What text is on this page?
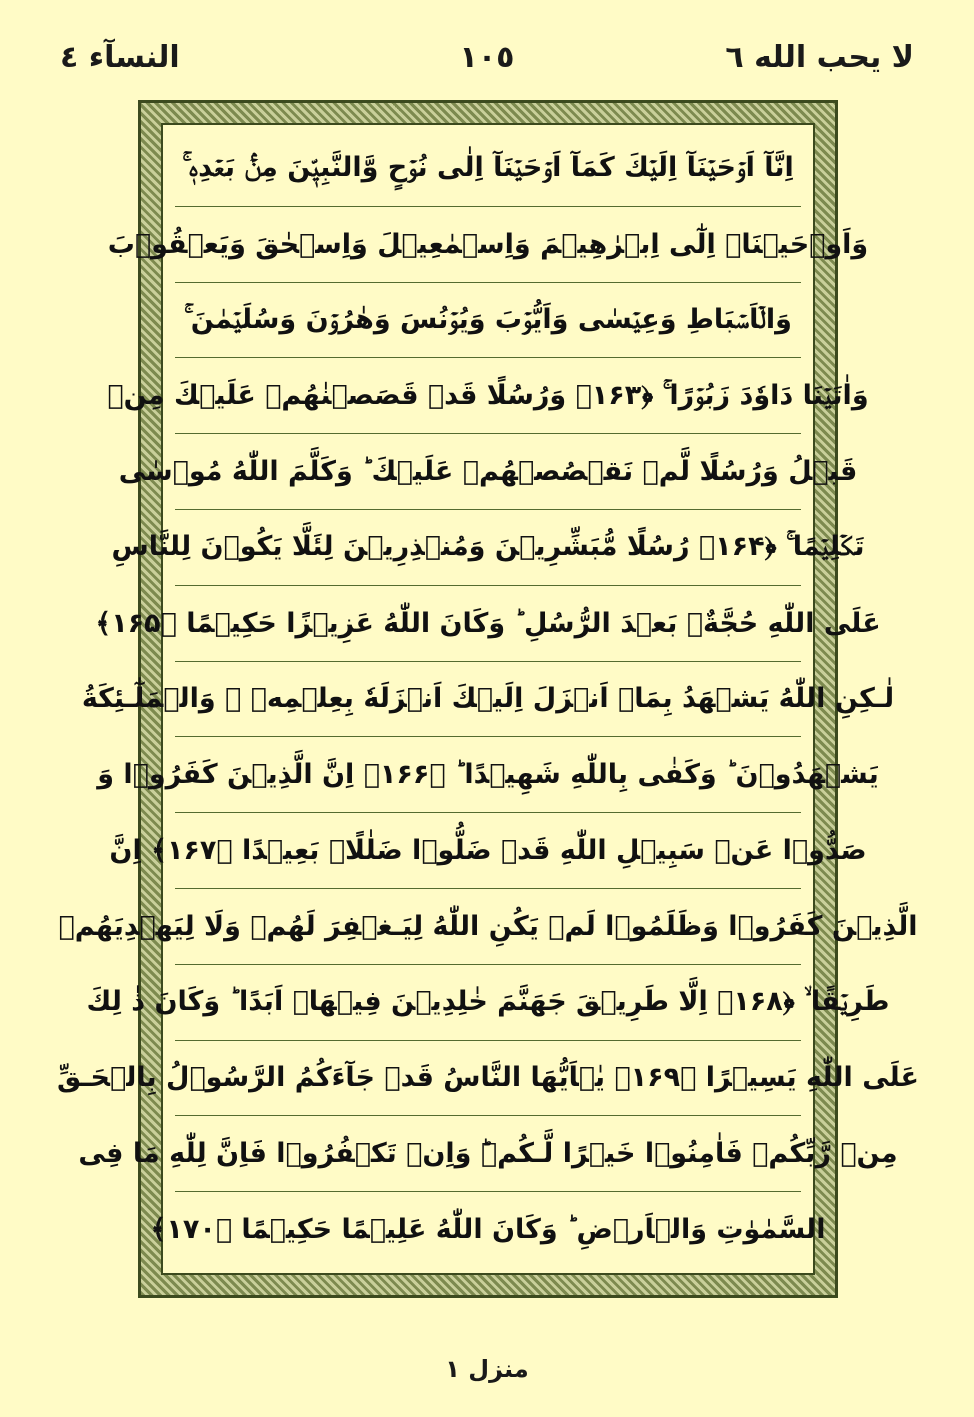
لا يحب الله ٦
١٠٥
النسآء ٤
اِنَّآ اَوۡحَيۡنَآ اِلَيۡكَ كَمَآ اَوۡحَيۡنَآ اِلٰى نُوۡحٍ وَّالنَّبِيّٖنَ مِنۡۢ بَعۡدِهٖ‌ ۚ
وَاَوۡحَيۡنَاۤ اِلٰٓى اِبۡرٰهِيۡمَ وَاِسۡمٰعِيۡلَ وَاِسۡحٰقَ وَيَعۡقُوۡبَ
وَالۡاَسۡبَاطِ وَعِيۡسٰى وَاَيُّوۡبَ وَيُوۡنُسَ وَهٰرُوۡنَ وَسُلَيۡمٰنَ‌ ۚ
وَاٰتَيۡنَا دَاوٗدَ زَبُوۡرًا‌ ۚ ﴿۱۶۳﴾ وَرُسُلًا قَدۡ قَصَصۡنٰهُمۡ عَلَيۡكَ مِنۡ
قَبۡلُ وَرُسُلًا لَّمۡ نَقۡصُصۡهُمۡ عَلَيۡكَ‌ ؕ وَكَلَّمَ اللّٰهُ مُوۡسٰى
تَكۡلِيۡمًا‌ ۚ ﴿۱۶۴﴾ رُسُلًا مُّبَشِّرِيۡنَ وَمُنۡذِرِيۡنَ لِئَلَّا يَكُوۡنَ لِلنَّاسِ
عَلَى اللّٰهِ حُجَّةٌۢ بَعۡدَ الرُّسُلِ‌ ؕ وَكَانَ اللّٰهُ عَزِيۡزًا حَكِيۡمًا ﴿۱۶۵﴾
لٰـكِنِ اللّٰهُ يَشۡهَدُ بِمَاۤ اَنۡزَلَ اِلَيۡكَ اَنۡزَلَهٗ بِعِلۡمِهٖ‌ ۚ وَالۡمَلٰٓـئِكَةُ
يَشۡهَدُوۡنَ‌ ؕ وَكَفٰى بِاللّٰهِ شَهِيۡدًا ؕ ﴿۱۶۶﴾ اِنَّ الَّذِيۡنَ كَفَرُوۡا وَ
صَدُّوۡا عَنۡ سَبِيۡلِ اللّٰهِ قَدۡ ضَلُّوۡا ضَلٰلًاۢ بَعِيۡدًا ﴿۱۶۷﴾ اِنَّ
الَّذِيۡنَ كَفَرُوۡا وَظَلَمُوۡا لَمۡ يَكُنِ اللّٰهُ لِيَـغۡفِرَ لَهُمۡ وَلَا لِيَهۡدِيَهُمۡ
طَرِيۡقًا ۙ ﴿۱۶۸﴾ اِلَّا طَرِيۡقَ جَهَنَّمَ خٰلِدِيۡنَ فِيۡهَاۤ اَبَدًا‌ ؕ وَكَانَ ذٰ لِكَ
عَلَى اللّٰهِ يَسِيۡرًا ﴿۱۶۹﴾ يٰۤاَيُّهَا النَّاسُ قَدۡ جَآءَكُمُ الرَّسُوۡلُ بِالۡحَـقِّ
مِنۡ رَّبِّكُمۡ فَاٰمِنُوۡا خَيۡرًا لَّـكُمۡ‌ؕ وَاِنۡ تَكۡفُرُوۡا فَاِنَّ لِلّٰهِ مَا فِى
السَّمٰوٰتِ وَالۡاَرۡضِ‌ ؕ وَكَانَ اللّٰهُ عَلِيۡمًا حَكِيۡمًا ﴿۱۷۰﴾
منزل ١
